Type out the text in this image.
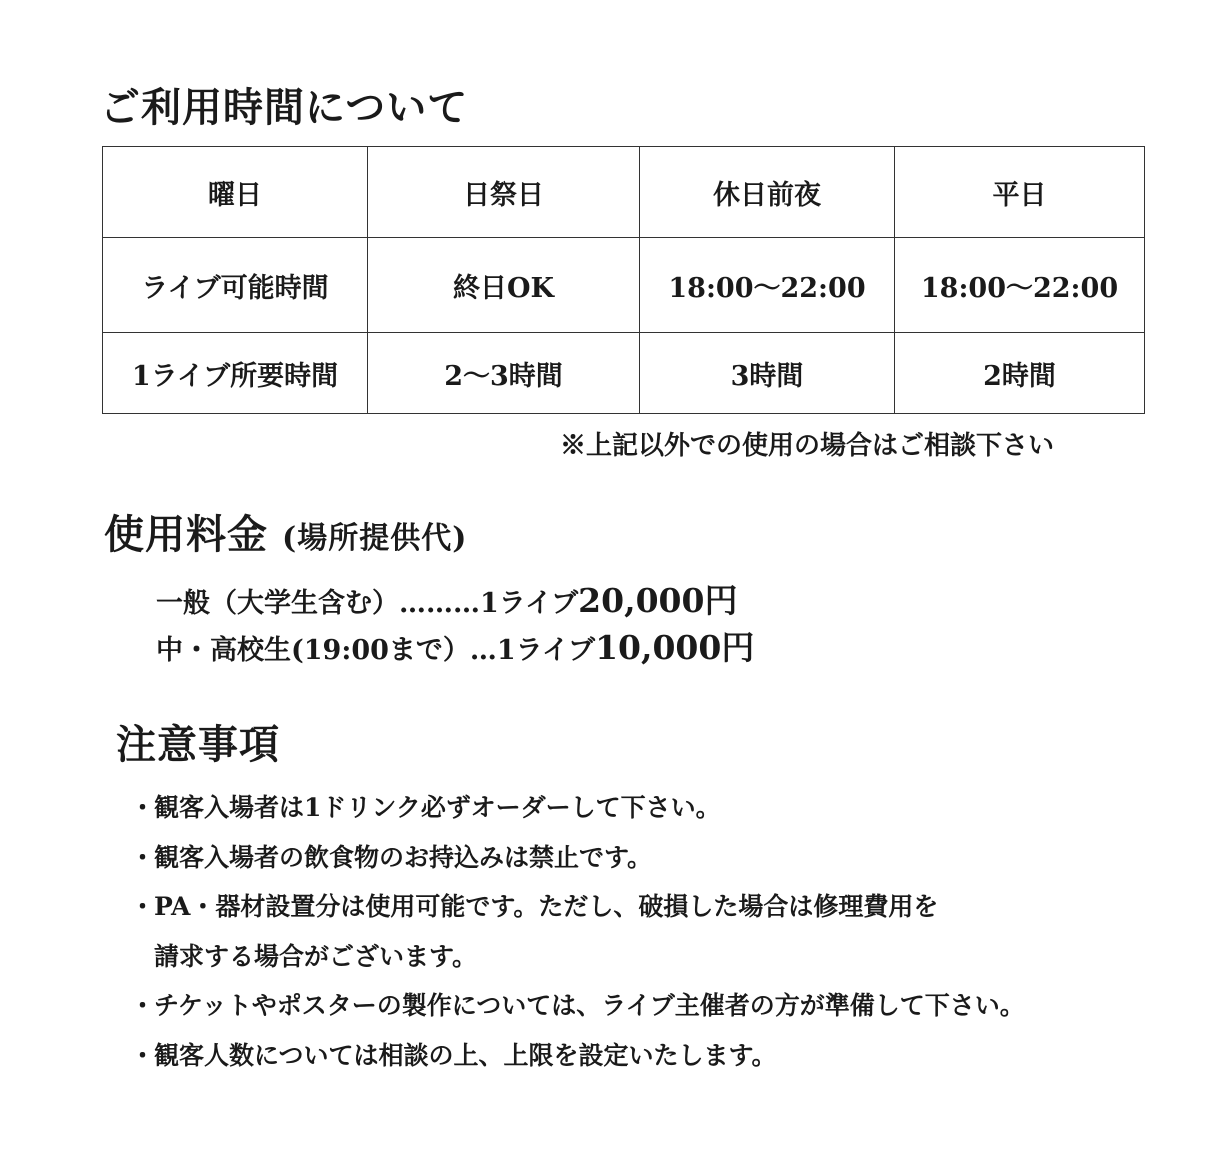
ご利用時間について
曜日	日祭日	休日前夜	平日
ライブ可能時間	終日OK	18:00〜22:00	18:00〜22:00
1ライブ所要時間	2〜3時間	3時間	2時間
※上記以外での使用の場合はご相談下さい
使用料金 (場所提供代)
一般（大学生含む）………1ライブ20,000円
中・高校生(19:00まで）…1ライブ10,000円
注意事項
・観客入場者は1ドリンク必ずオーダーして下さい。
・観客入場者の飲食物のお持込みは禁止です。
・PA・器材設置分は使用可能です。ただし、破損した場合は修理費用を
請求する場合がございます。
・チケットやポスターの製作については、ライブ主催者の方が準備して下さい。
・観客人数については相談の上、上限を設定いたします。
